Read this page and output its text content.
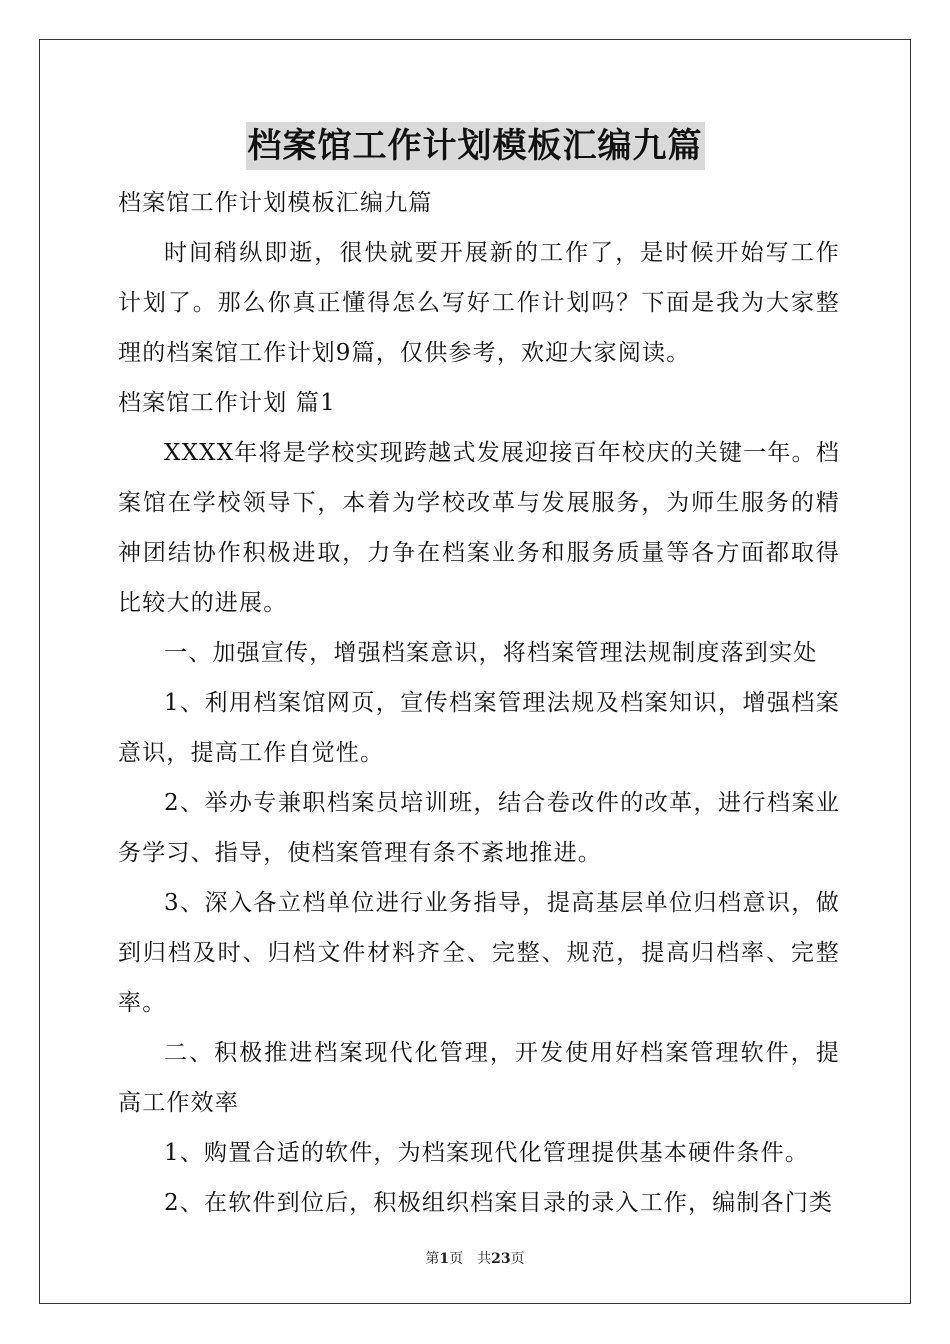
档案馆工作计划模板汇编九篇
档案馆工作计划模板汇编九篇
时间稍纵即逝，很快就要开展新的工作了，是时候开始写工作计划了。那么你真正懂得怎么写好工作计划吗？下面是我为大家整理的档案馆工作计划9篇，仅供参考，欢迎大家阅读。
档案馆工作计划 篇1
XXXX年将是学校实现跨越式发展迎接百年校庆的关键一年。档案馆在学校领导下，本着为学校改革与发展服务，为师生服务的精神团结协作积极进取，力争在档案业务和服务质量等各方面都取得比较大的进展。
一、加强宣传，增强档案意识，将档案管理法规制度落到实处
1、利用档案馆网页，宣传档案管理法规及档案知识，增强档案意识，提高工作自觉性。
2、举办专兼职档案员培训班，结合卷改件的改革，进行档案业务学习、指导，使档案管理有条不紊地推进。
3、深入各立档单位进行业务指导，提高基层单位归档意识，做到归档及时、归档文件材料齐全、完整、规范，提高归档率、完整率。
二、积极推进档案现代化管理，开发使用好档案管理软件，提高工作效率
1、购置合适的软件，为档案现代化管理提供基本硬件条件。
2、在软件到位后，积极组织档案目录的录入工作，编制各门类
第1页　共23页
